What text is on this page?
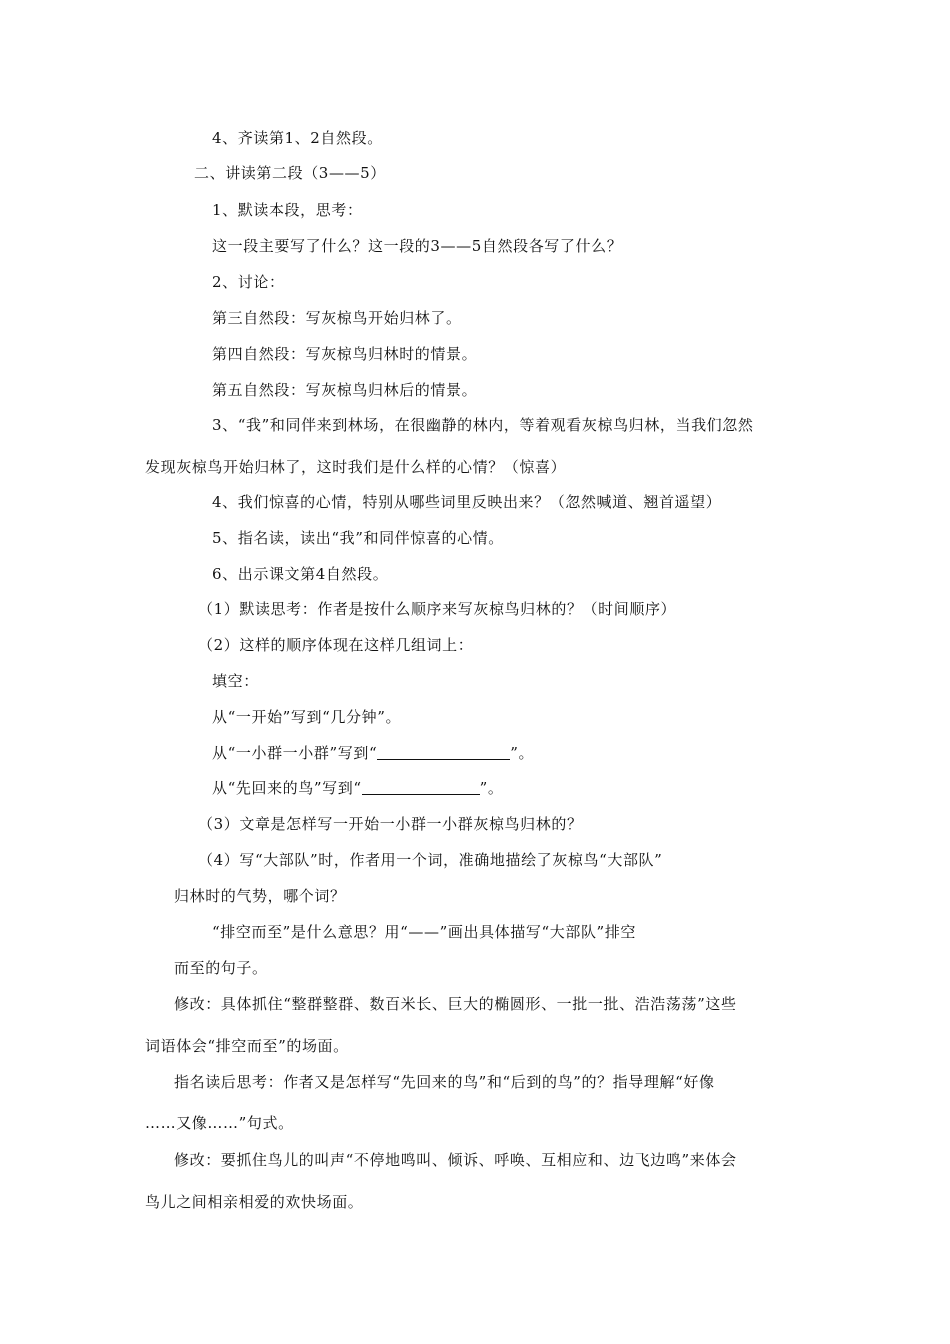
4、齐读第1、2自然段。
二、讲读第二段（3——5）
1、默读本段，思考：
这一段主要写了什么？这一段的3——5自然段各写了什么？
2、讨论：
第三自然段：写灰椋鸟开始归林了。
第四自然段：写灰椋鸟归林时的情景。
第五自然段：写灰椋鸟归林后的情景。
3、“我”和同伴来到林场，在很幽静的林内，等着观看灰椋鸟归林，当我们忽然
发现灰椋鸟开始归林了，这时我们是什么样的心情？（惊喜）
4、我们惊喜的心情，特别从哪些词里反映出来？（忽然喊道、翘首遥望）
5、指名读，读出“我”和同伴惊喜的心情。
6、出示课文第4自然段。
（1）默读思考：作者是按什么顺序来写灰椋鸟归林的？（时间顺序）
（2）这样的顺序体现在这样几组词上：
填空：
从“一开始”写到“几分钟”。
从“一小群一小群”写到“	”。
从“先回来的鸟”写到“	”。
（3）文章是怎样写一开始一小群一小群灰椋鸟归林的？
（4）写“大部队”时，作者用一个词，准确地描绘了灰椋鸟“大部队”
归林时的气势，哪个词？
“排空而至”是什么意思？用“——”画出具体描写“大部队”排空
而至的句子。
修改：具体抓住“整群整群、数百米长、巨大的椭圆形、一批一批、浩浩荡荡”这些
词语体会“排空而至”的场面。
指名读后思考：作者又是怎样写“先回来的鸟”和“后到的鸟”的？指导理解“好像
……又像……”句式。
修改：要抓住鸟儿的叫声“不停地鸣叫、倾诉、呼唤、互相应和、边飞边鸣”来体会
鸟儿之间相亲相爱的欢快场面。
